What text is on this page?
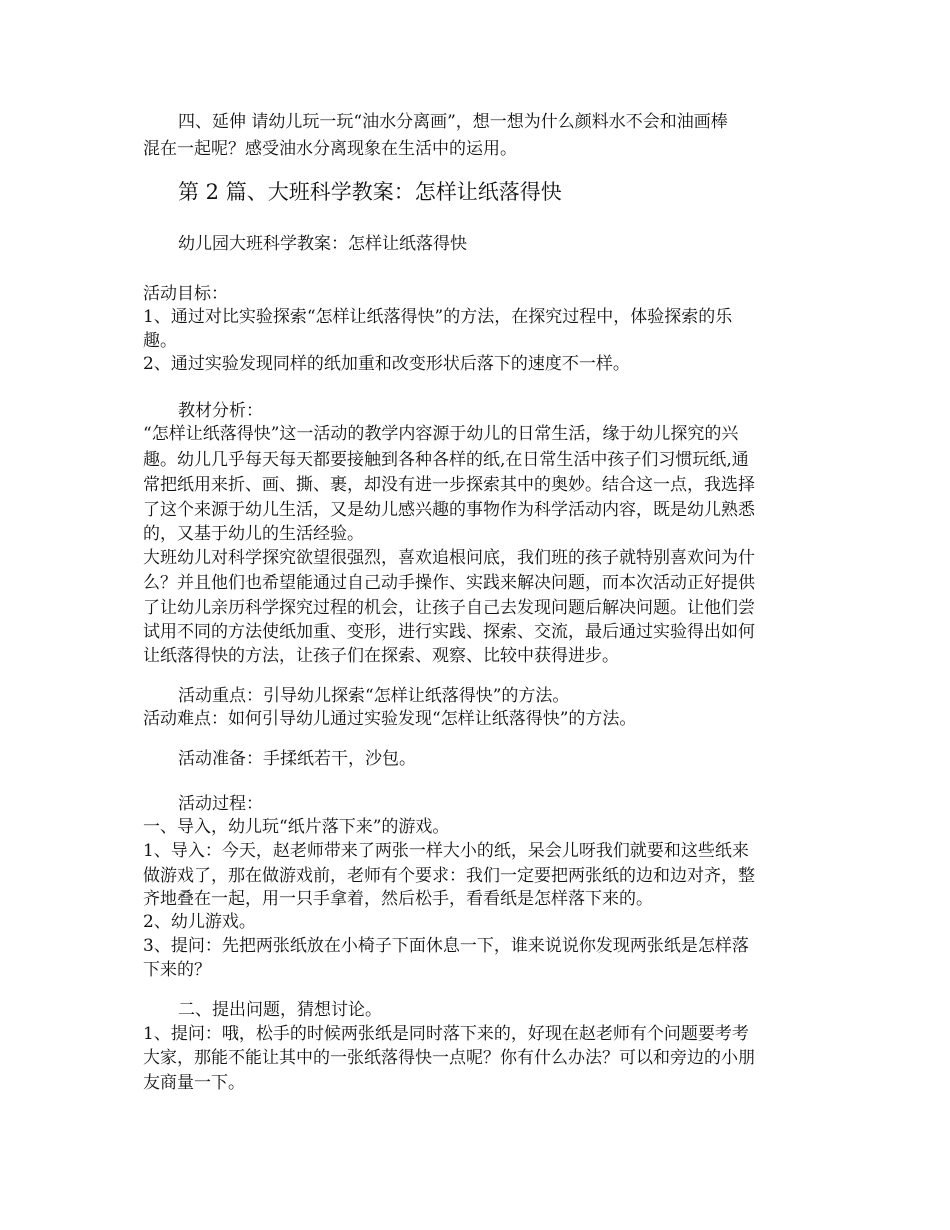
四、延伸 请幼儿玩一玩“油水分离画”，想一想为什么颜料水不会和油画棒
混在一起呢？感受油水分离现象在生活中的运用。
第 2 篇、大班科学教案：怎样让纸落得快
幼儿园大班科学教案：怎样让纸落得快
活动目标：
1、通过对比实验探索“怎样让纸落得快”的方法，在探究过程中，体验探索的乐
趣。
2、通过实验发现同样的纸加重和改变形状后落下的速度不一样。
教材分析：
“怎样让纸落得快”这一活动的教学内容源于幼儿的日常生活，缘于幼儿探究的兴
趣。幼儿几乎每天每天都要接触到各种各样的纸,在日常生活中孩子们习惯玩纸,通
常把纸用来折、画、撕、裹，却没有进一步探索其中的奥妙。结合这一点，我选择
了这个来源于幼儿生活，又是幼儿感兴趣的事物作为科学活动内容，既是幼儿熟悉
的，又基于幼儿的生活经验。
大班幼儿对科学探究欲望很强烈，喜欢追根问底，我们班的孩子就特别喜欢问为什
么？并且他们也希望能通过自己动手操作、实践来解决问题，而本次活动正好提供
了让幼儿亲历科学探究过程的机会，让孩子自己去发现问题后解决问题。让他们尝
试用不同的方法使纸加重、变形，进行实践、探索、交流，最后通过实验得出如何
让纸落得快的方法，让孩子们在探索、观察、比较中获得进步。
活动重点：引导幼儿探索“怎样让纸落得快”的方法。
活动难点：如何引导幼儿通过实验发现“怎样让纸落得快”的方法。
活动准备：手揉纸若干，沙包。
活动过程：
一、导入，幼儿玩“纸片落下来”的游戏。
1、导入：今天，赵老师带来了两张一样大小的纸，呆会儿呀我们就要和这些纸来
做游戏了，那在做游戏前，老师有个要求：我们一定要把两张纸的边和边对齐，整
齐地叠在一起，用一只手拿着，然后松手，看看纸是怎样落下来的。
2、幼儿游戏。
3、提问：先把两张纸放在小椅子下面休息一下，谁来说说你发现两张纸是怎样落
下来的？
二、提出问题，猜想讨论。
1、提问：哦，松手的时候两张纸是同时落下来的，好现在赵老师有个问题要考考
大家，那能不能让其中的一张纸落得快一点呢？你有什么办法？可以和旁边的小朋
友商量一下。
